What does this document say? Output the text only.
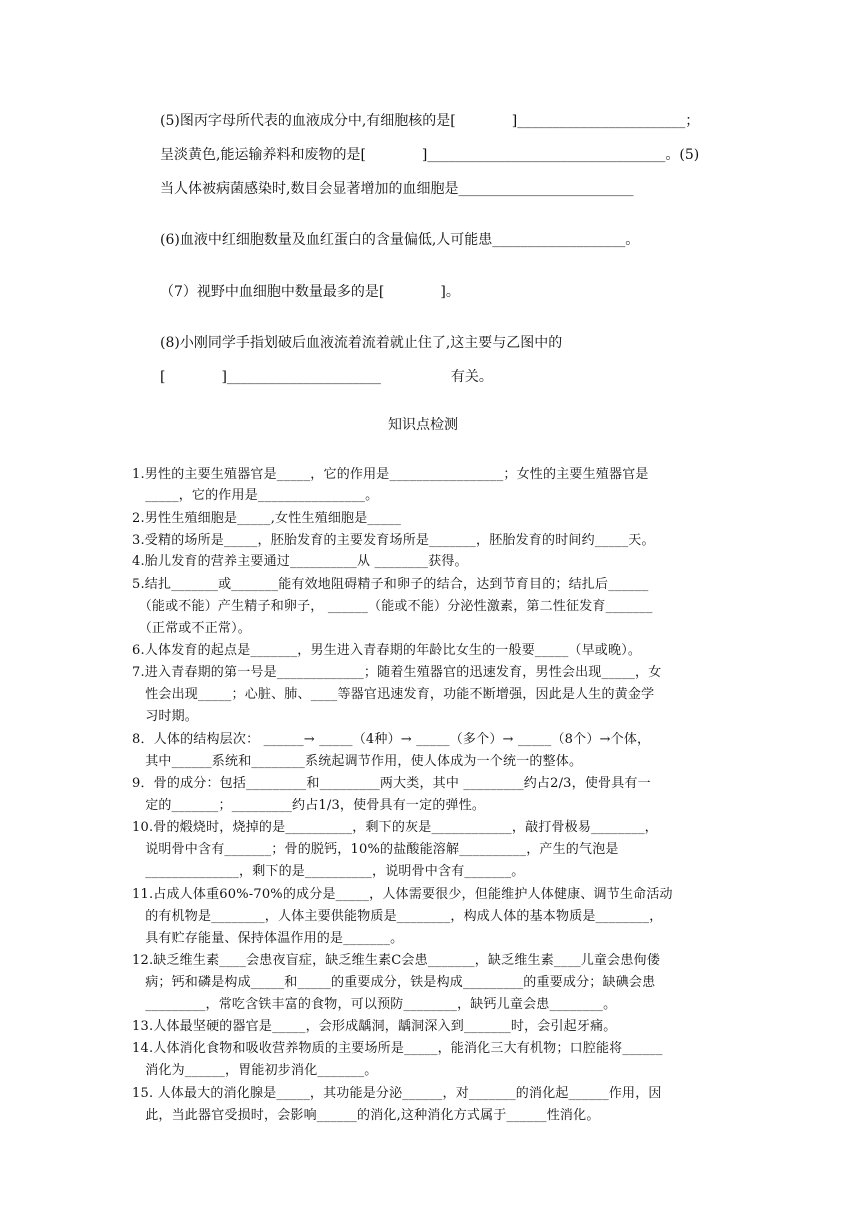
(5)图丙字母所代表的血液成分中,有细胞核的是[　　　　]________________________；
呈淡黄色,能运输养料和废物的是[　　　　]__________________________________。(5)
当人体被病菌感染时,数目会显著增加的血细胞是_________________________
(6)血液中红细胞数量及血红蛋白的含量偏低,人可能患___________________。
（7）视野中血细胞中数量最多的是[　　　　]。
(8)小刚同学手指划破后血液流着流着就止住了,这主要与乙图中的
[　　　　]______________________　　　　　有关。
知识点检测
1.男性的主要生殖器官是_____，它的作用是_________________；女性的主要生殖器官是
　_____，它的作用是________________。
2.男性生殖细胞是_____,女性生殖细胞是_____
3.受精的场所是_____，胚胎发育的主要发育场所是_______，胚胎发育的时间约_____天。
4.胎儿发育的营养主要通过__________从 ________获得。
5.结扎_______或_______能有效地阻碍精子和卵子的结合，达到节育目的；结扎后______
　（能或不能）产生精子和卵子， ______（能或不能）分泌性激素，第二性征发育_______
　（正常或不正常）。
6.人体发育的起点是_______，男生进入青春期的年龄比女生的一般要_____（早或晚）。
7.进入青春期的第一号是_____________；随着生殖器官的迅速发育，男性会出现_____，女
　性会出现_____；心脏、肺、____等器官迅速发育，功能不断增强，因此是人生的黄金学
　习时期。
8．人体的结构层次： ______→ _____（4种）→ _____（多个）→ _____（8个）→个体，
　其中______系统和________系统起调节作用，使人体成为一个统一的整体。
9．骨的成分：包括_________和_________两大类，其中 _________约占2/3，使骨具有一
　定的_______；_________约占1/3，使骨具有一定的弹性。
10.骨的煅烧时，烧掉的是__________，剩下的灰是____________，敲打骨极易________，
　说明骨中含有_______；骨的脱钙，10%的盐酸能溶解__________，产生的气泡是
　______________，剩下的是__________，说明骨中含有_______。
11.占成人体重60%-70%的成分是_____，人体需要很少，但能维护人体健康、调节生命活动
　的有机物是________，人体主要供能物质是________，构成人体的基本物质是________，
　具有贮存能量、保持体温作用的是_______。
12.缺乏维生素____会患夜盲症，缺乏维生素C会患_______，缺乏维生素____儿童会患佝偻
　病；钙和磷是构成_____和_____的重要成分，铁是构成_________的重要成分；缺碘会患
　_________，常吃含铁丰富的食物，可以预防________，缺钙儿童会患________。
13.人体最坚硬的器官是_____，会形成龋洞，龋洞深入到_______时，会引起牙痛。
14.人体消化食物和吸收营养物质的主要场所是_____，能消化三大有机物；口腔能将______
　消化为______，胃能初步消化_______。
15. 人体最大的消化腺是_____，其功能是分泌______，对_______的消化起______作用，因
　此，当此器官受损时，会影响______的消化,这种消化方式属于______性消化。
